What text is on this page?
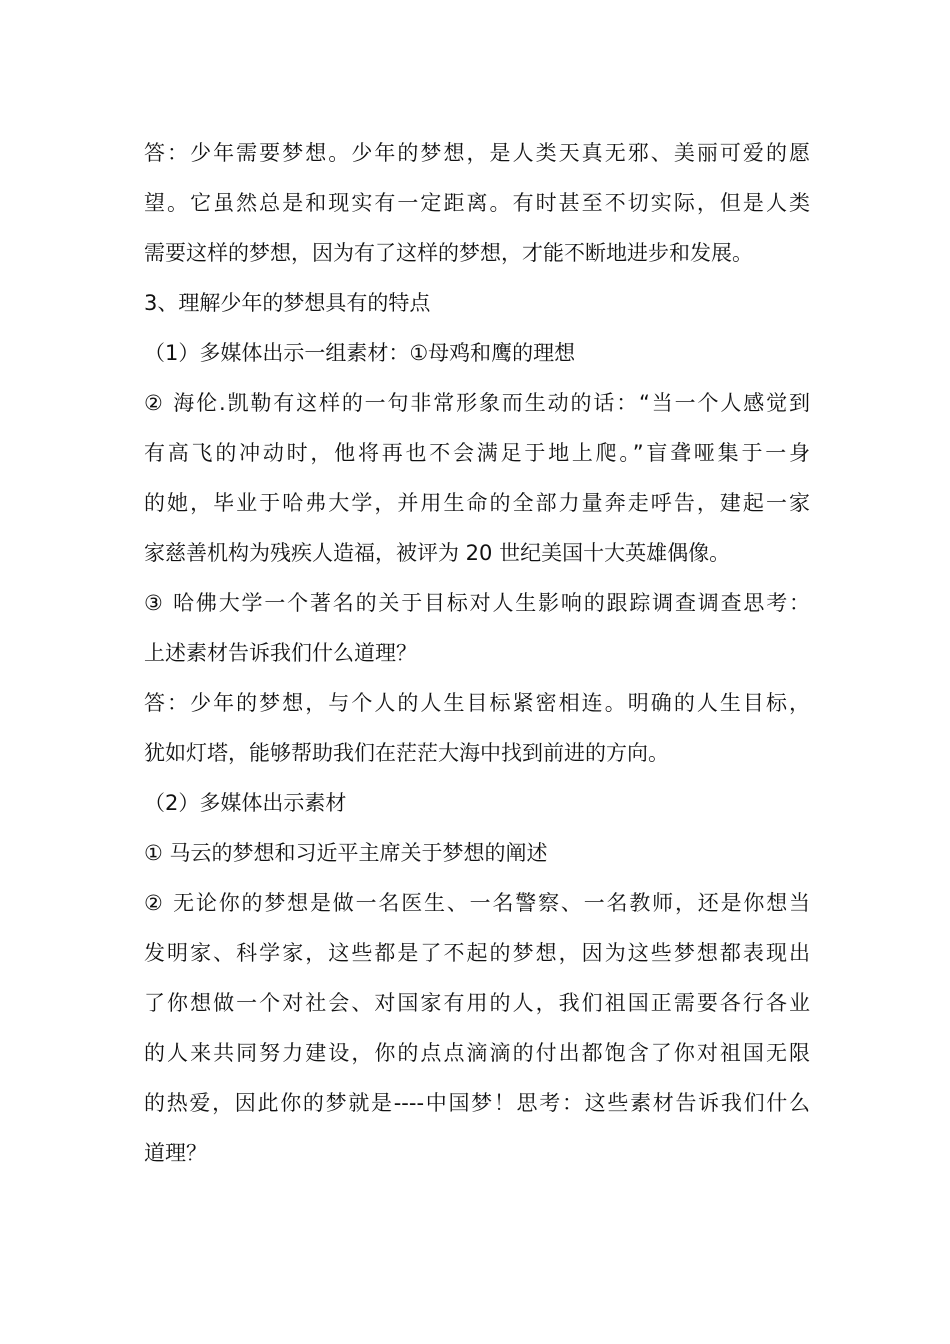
答：少年需要梦想。少年的梦想，是人类天真无邪、美丽可爱的愿
望。它虽然总是和现实有一定距离。有时甚至不切实际，但是人类
需要这样的梦想，因为有了这样的梦想，才能不断地进步和发展。
3、理解少年的梦想具有的特点
（1）多媒体出示一组素材：①母鸡和鹰的理想
② 海伦.凯勒有这样的一句非常形象而生动的话：“当一个人感觉到
有高飞的冲动时，他将再也不会满足于地上爬。”盲聋哑集于一身
的她，毕业于哈弗大学，并用生命的全部力量奔走呼告，建起一家
家慈善机构为残疾人造福，被评为 20 世纪美国十大英雄偶像。
③ 哈佛大学一个著名的关于目标对人生影响的跟踪调查调查思考：
上述素材告诉我们什么道理？
答：少年的梦想，与个人的人生目标紧密相连。明确的人生目标，
犹如灯塔，能够帮助我们在茫茫大海中找到前进的方向。
（2）多媒体出示素材
① 马云的梦想和习近平主席关于梦想的阐述
② 无论你的梦想是做一名医生、一名警察、一名教师，还是你想当
发明家、科学家，这些都是了不起的梦想，因为这些梦想都表现出
了你想做一个对社会、对国家有用的人，我们祖国正需要各行各业
的人来共同努力建设，你的点点滴滴的付出都饱含了你对祖国无限
的热爱，因此你的梦就是----中国梦！思考：这些素材告诉我们什么
道理？
